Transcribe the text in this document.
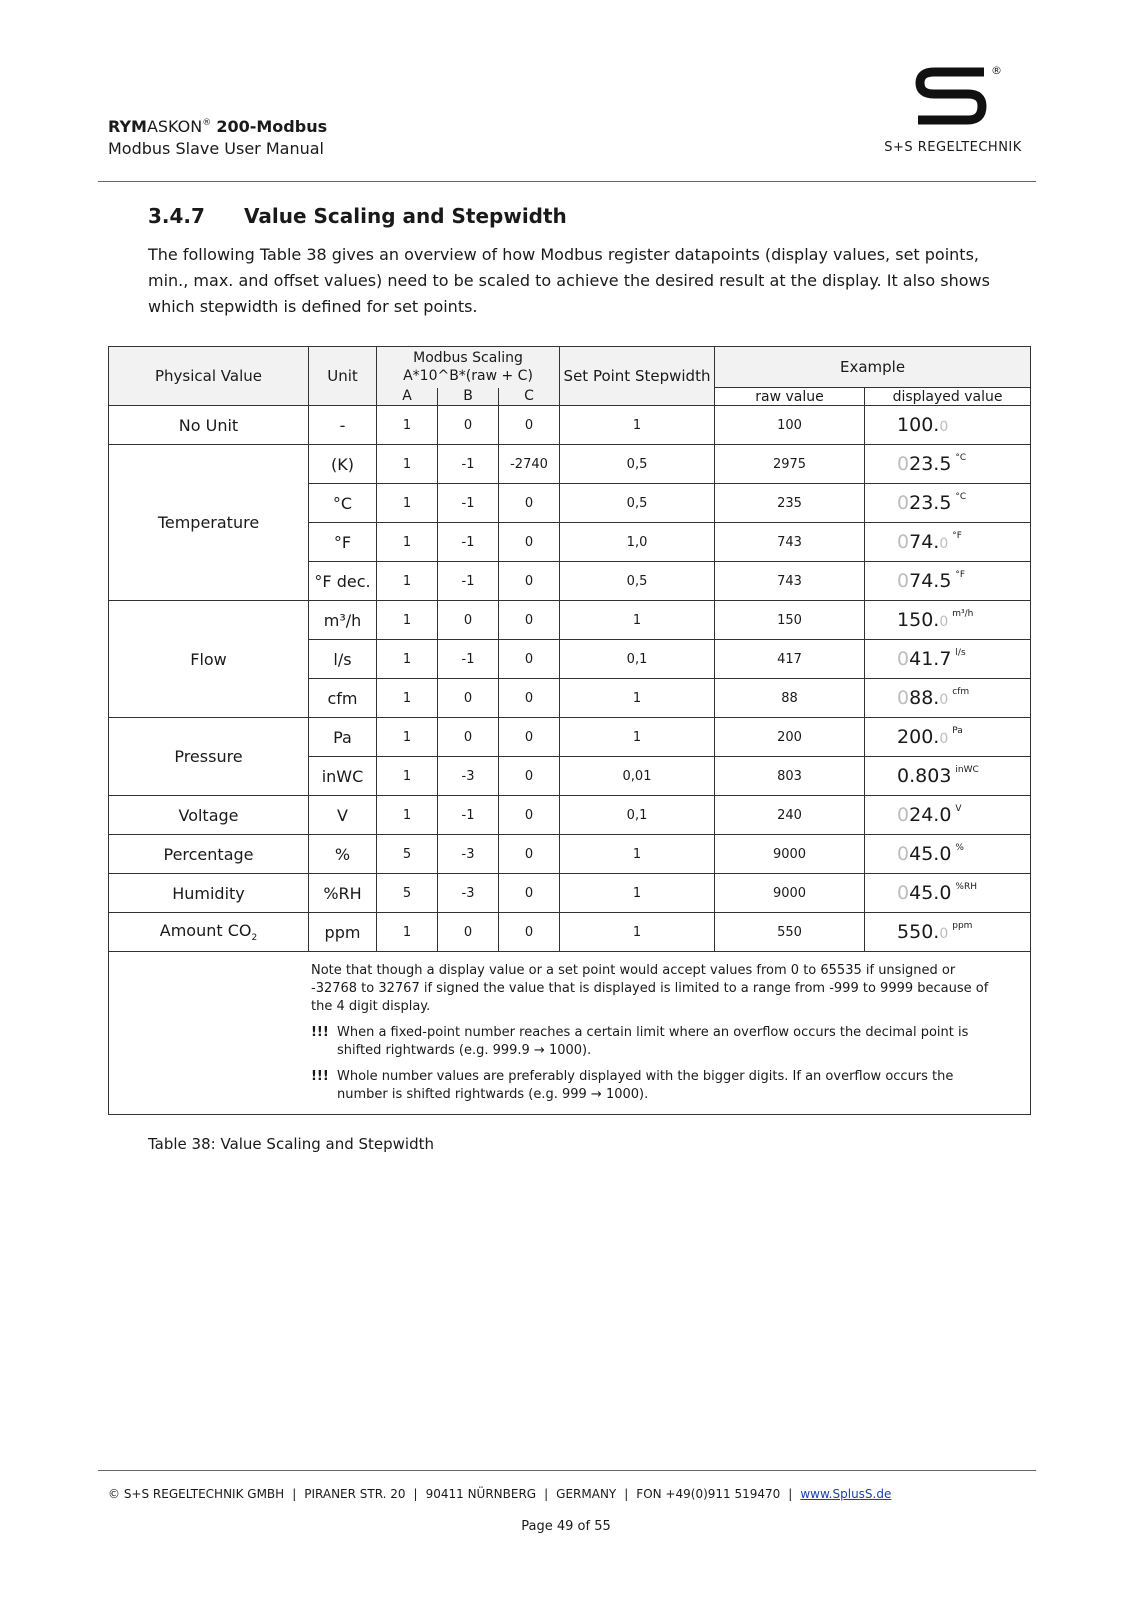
RYMASKON® 200-Modbus
Modbus Slave User Manual
®
S+S REGELTECHNIK
3.4.7 Value Scaling and Stepwidth
The following Table 38 gives an overview of how Modbus register datapoints (display values, set points, min., max. and offset values) need to be scaled to achieve the desired result at the display. It also shows which stepwidth is defined for set points.
Physical Value	Unit	Modbus Scaling
A*10^B*(raw + C)			Set Point Stepwidth	Example	
		A	B	C		raw value	displayed value
No Unit	-	1	0	0	1	100	100.0
Temperature	(K)	1	-1	-2740	0,5	2975	023.5 $^{^\circ C}$
	°C	1	-1	0	0,5	235	023.5 $^{^\circ C}$
	°F	1	-1	0	1,0	743	074.0 $^{^\circ F}$
	°F dec.	1	-1	0	0,5	743	074.5 $^{^\circ F}$
Flow	m³/h	1	0	0	1	150	150.0 $^{m^3/h}$
	l/s	1	-1	0	0,1	417	041.7 $^{l/s}$
	cfm	1	0	0	1	88	088.0 $^{cfm}$
Pressure	Pa	1	0	0	1	200	200.0 $^{Pa}$
	inWC	1	-3	0	0,01	803	0.803 $^{inWC}$
Voltage	V	1	-1	0	0,1	240	024.0 $^V$
Percentage	%	5	-3	0	1	9000	045.0 %
Humidity	%RH	5	-3	0	1	9000	045.0 $^{\%RH}$
Amount $CO_2$	ppm	1	0	0	1	550	550.0 $^{ppm}$

Note that though a display value or a set point would accept values from 0 to 65535 if unsigned or -32768 to 32767 if signed the value that is displayed is limited to a range from -999 to 9999 because of the 4 digit display.

!!! When a fixed-point number reaches a certain limit where an overflow occurs the decimal point is shifted rightwards (e.g. 999.9 → 1000).
!!! Whole number values are preferably displayed with the bigger digits. If an overflow occurs the number is shifted rightwards (e.g. 999 → 1000).							
Table 38: Value Scaling and Stepwidth
© S+S REGELTECHNIK GMBH | PIRANER STR. 20 | 90411 NÜRNBERG | GERMANY | FON +49(0)911 519470 | www.SplusS.de
Page 49 of 55
